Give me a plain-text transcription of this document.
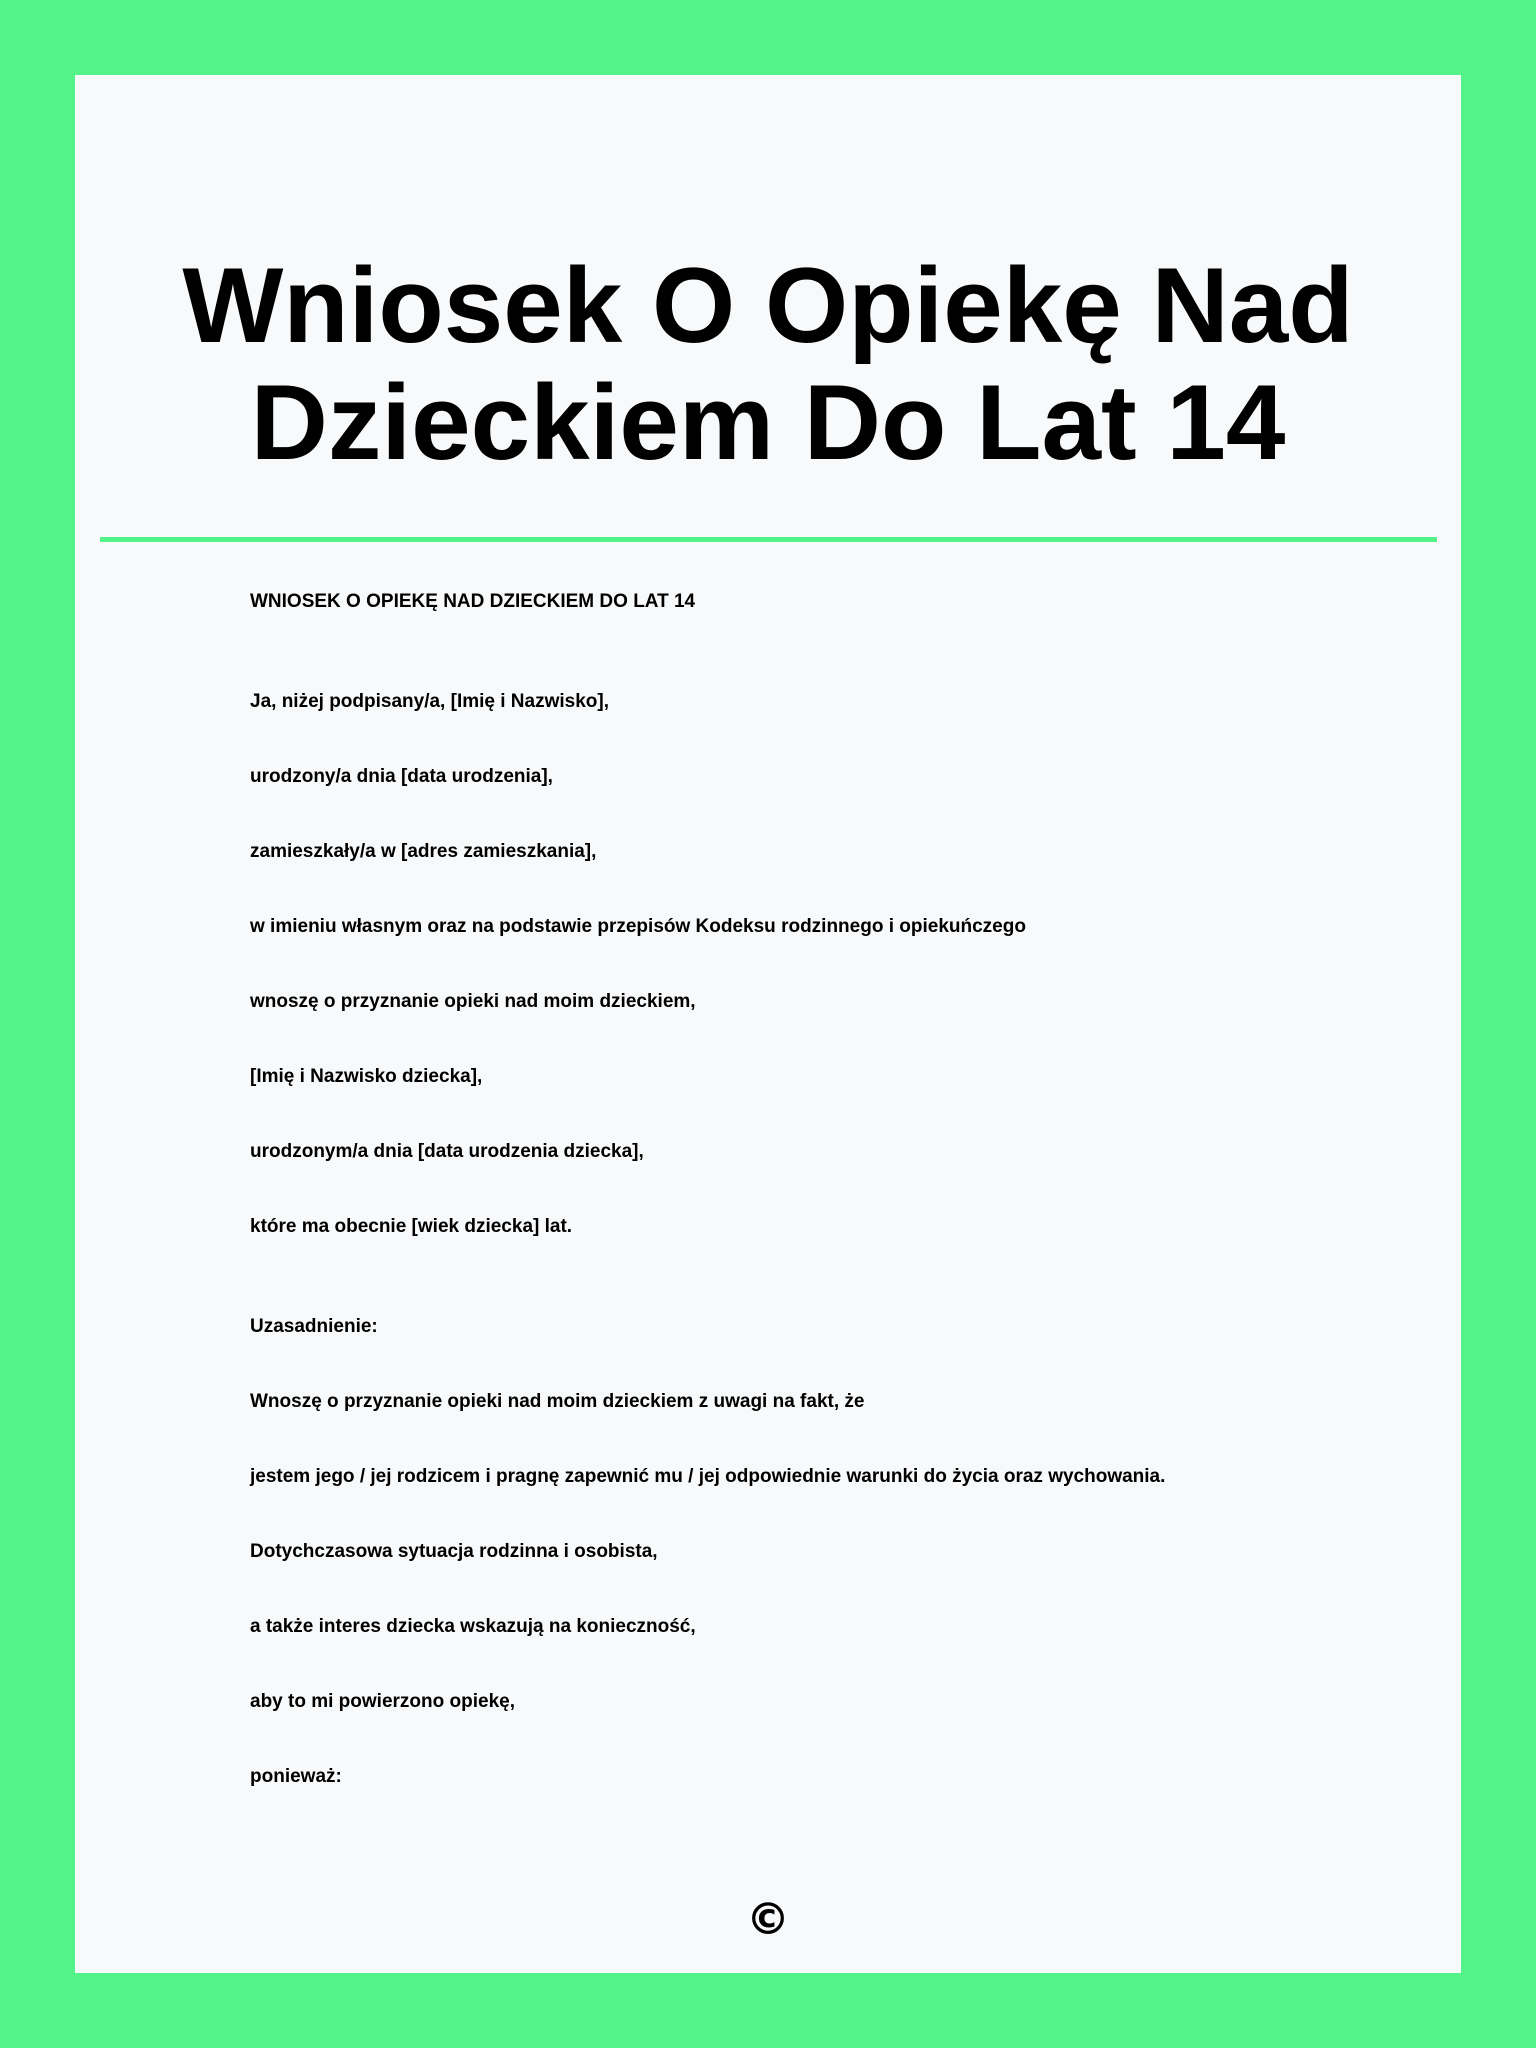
Wniosek O Opiekę Nad Dzieckiem Do Lat 14
WNIOSEK O OPIEKĘ NAD DZIECKIEM DO LAT 14
Ja, niżej podpisany/a, [Imię i Nazwisko],
urodzony/a dnia [data urodzenia],
zamieszkały/a w [adres zamieszkania],
w imieniu własnym oraz na podstawie przepisów Kodeksu rodzinnego i opiekuńczego
wnoszę o przyznanie opieki nad moim dzieckiem,
[Imię i Nazwisko dziecka],
urodzonym/a dnia [data urodzenia dziecka],
które ma obecnie [wiek dziecka] lat.
Uzasadnienie:
Wnoszę o przyznanie opieki nad moim dzieckiem z uwagi na fakt, że
jestem jego / jej rodzicem i pragnę zapewnić mu / jej odpowiednie warunki do życia oraz wychowania.
Dotychczasowa sytuacja rodzinna i osobista,
a także interes dziecka wskazują na konieczność,
aby to mi powierzono opiekę,
ponieważ:
©
